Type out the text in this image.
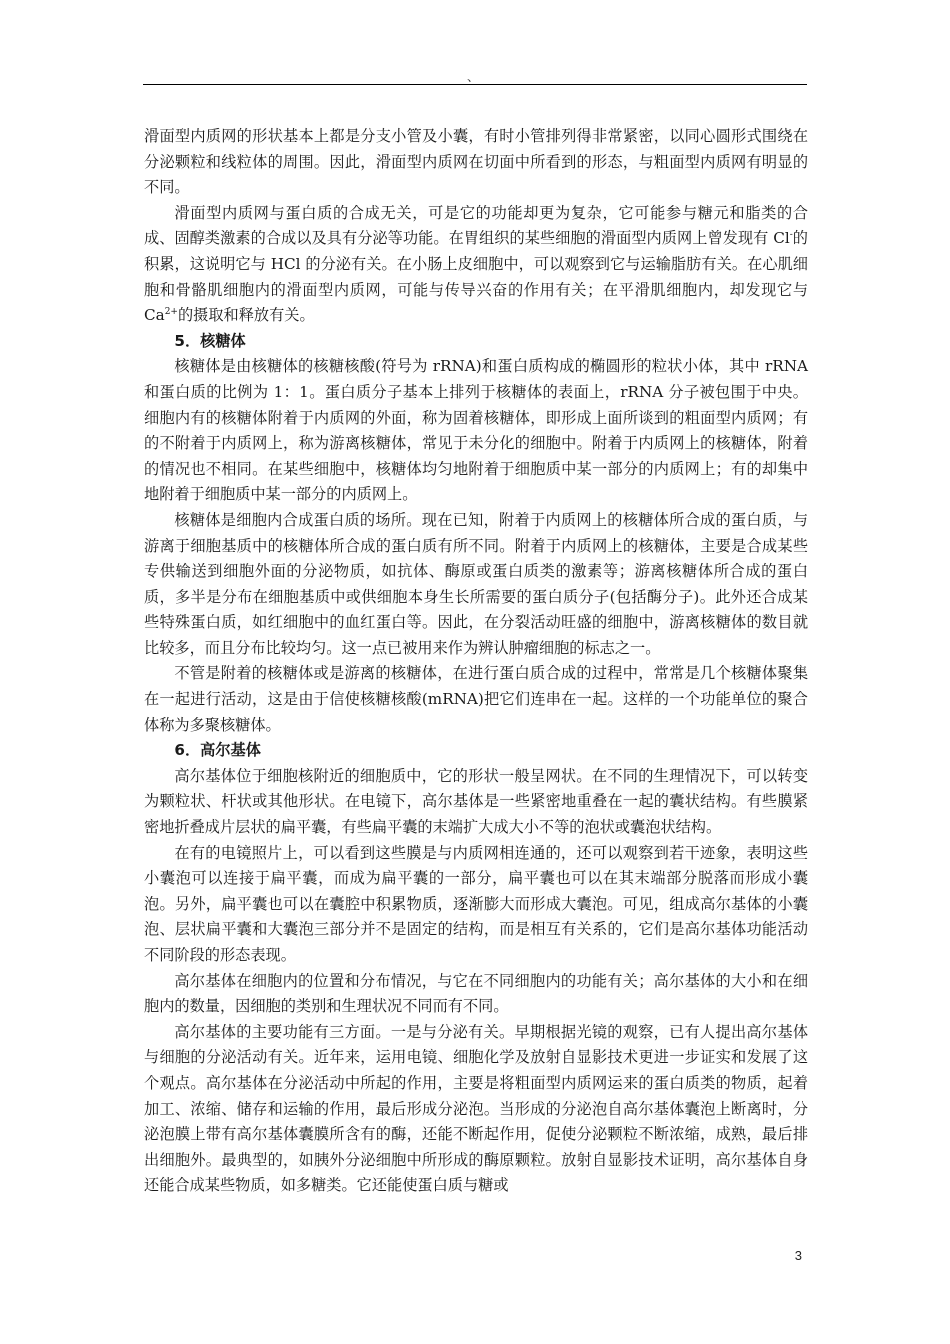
、

滑面型内质网的形状基本上都是分支小管及小囊，有时小管排列得非常紧密，以同心圆形式围绕在分泌颗粒和线粒体的周围。因此，滑面型内质网在切面中所看到的形态，与粗面型内质网有明显的不同。

滑面型内质网与蛋白质的合成无关，可是它的功能却更为复杂，它可能参与糖元和脂类的合成、固醇类激素的合成以及具有分泌等功能。在胃组织的某些细胞的滑面型内质网上曾发现有 Cl-的积累，这说明它与 HCl 的分泌有关。在小肠上皮细胞中，可以观察到它与运输脂肪有关。在心肌细胞和骨骼肌细胞内的滑面型内质网，可能与传导兴奋的作用有关；在平滑肌细胞内，却发现它与 $Ca^{2+}$的摄取和释放有关。

5．核糖体

核糖体是由核糖体的核糖核酸(符号为 rRNA)和蛋白质构成的椭圆形的粒状小体，其中 rRNA 和蛋白质的比例为 1：1。蛋白质分子基本上排列于核糖体的表面上，rRNA 分子被包围于中央。细胞内有的核糖体附着于内质网的外面，称为固着核糖体，即形成上面所谈到的粗面型内质网；有的不附着于内质网上，称为游离核糖体，常见于未分化的细胞中。附着于内质网上的核糖体，附着的情况也不相同。在某些细胞中，核糖体均匀地附着于细胞质中某一部分的内质网上；有的却集中地附着于细胞质中某一部分的内质网上。

核糖体是细胞内合成蛋白质的场所。现在已知，附着于内质网上的核糖体所合成的蛋白质，与游离于细胞基质中的核糖体所合成的蛋白质有所不同。附着于内质网上的核糖体，主要是合成某些专供输送到细胞外面的分泌物质，如抗体、酶原或蛋白质类的激素等；游离核糖体所合成的蛋白质，多半是分布在细胞基质中或供细胞本身生长所需要的蛋白质分子(包括酶分子)。此外还合成某些特殊蛋白质，如红细胞中的血红蛋白等。因此，在分裂活动旺盛的细胞中，游离核糖体的数目就比较多，而且分布比较均匀。这一点已被用来作为辨认肿瘤细胞的标志之一。

不管是附着的核糖体或是游离的核糖体，在进行蛋白质合成的过程中，常常是几个核糖体聚集在一起进行活动，这是由于信使核糖核酸(mRNA)把它们连串在一起。这样的一个功能单位的聚合体称为多聚核糖体。

6．高尔基体

高尔基体位于细胞核附近的细胞质中，它的形状一般呈网状。在不同的生理情况下，可以转变为颗粒状、杆状或其他形状。在电镜下，高尔基体是一些紧密地重叠在一起的囊状结构。有些膜紧密地折叠成片层状的扁平囊，有些扁平囊的末端扩大成大小不等的泡状或囊泡状结构。

在有的电镜照片上，可以看到这些膜是与内质网相连通的，还可以观察到若干迹象，表明这些小囊泡可以连接于扁平囊，而成为扁平囊的一部分，扁平囊也可以在其末端部分脱落而形成小囊泡。另外，扁平囊也可以在囊腔中积累物质，逐渐膨大而形成大囊泡。可见，组成高尔基体的小囊泡、层状扁平囊和大囊泡三部分并不是固定的结构，而是相互有关系的，它们是高尔基体功能活动不同阶段的形态表现。

高尔基体在细胞内的位置和分布情况，与它在不同细胞内的功能有关；高尔基体的大小和在细胞内的数量，因细胞的类别和生理状况不同而有不同。

高尔基体的主要功能有三方面。一是与分泌有关。早期根据光镜的观察，已有人提出高尔基体与细胞的分泌活动有关。近年来，运用电镜、细胞化学及放射自显影技术更进一步证实和发展了这个观点。高尔基体在分泌活动中所起的作用，主要是将粗面型内质网运来的蛋白质类的物质，起着加工、浓缩、储存和运输的作用，最后形成分泌泡。当形成的分泌泡自高尔基体囊泡上断离时，分泌泡膜上带有高尔基体囊膜所含有的酶，还能不断起作用，促使分泌颗粒不断浓缩，成熟，最后排出细胞外。最典型的，如胰外分泌细胞中所形成的酶原颗粒。放射自显影技术证明，高尔基体自身还能合成某些物质，如多糖类。它还能使蛋白质与糖或

3
